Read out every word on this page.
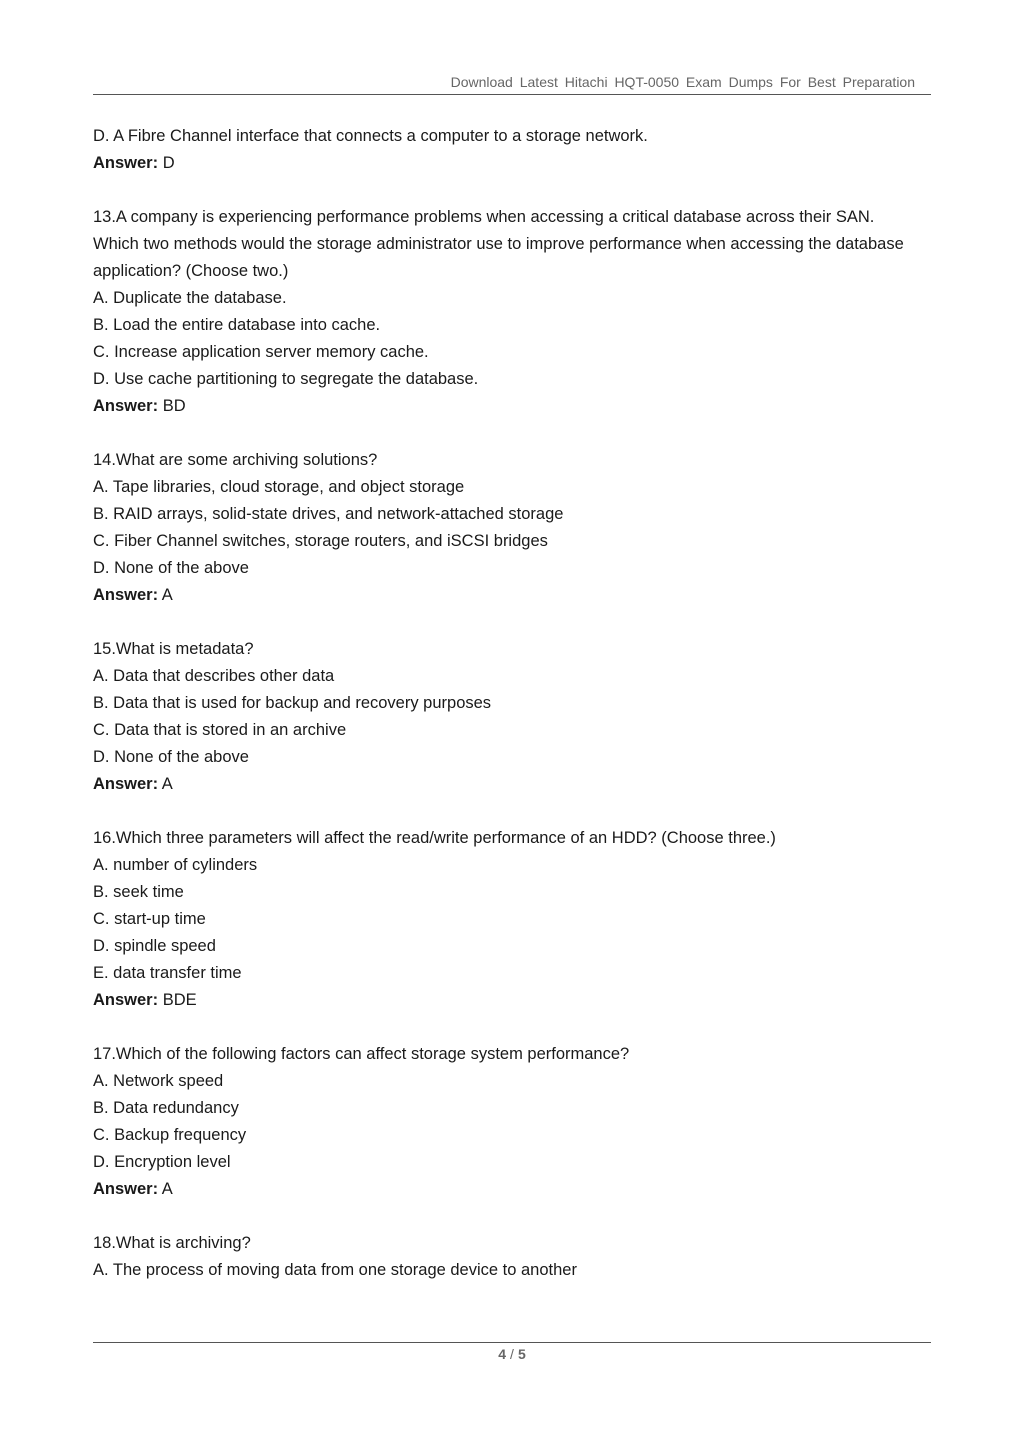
Download Latest Hitachi HQT-0050 Exam Dumps For Best Preparation
D. A Fibre Channel interface that connects a computer to a storage network.
Answer: D
13.A company is experiencing performance problems when accessing a critical database across their SAN.
Which two methods would the storage administrator use to improve performance when accessing the database application? (Choose two.)
A. Duplicate the database.
B. Load the entire database into cache.
C. Increase application server memory cache.
D. Use cache partitioning to segregate the database.
Answer: BD
14.What are some archiving solutions?
A. Tape libraries, cloud storage, and object storage
B. RAID arrays, solid-state drives, and network-attached storage
C. Fiber Channel switches, storage routers, and iSCSI bridges
D. None of the above
Answer: A
15.What is metadata?
A. Data that describes other data
B. Data that is used for backup and recovery purposes
C. Data that is stored in an archive
D. None of the above
Answer: A
16.Which three parameters will affect the read/write performance of an HDD? (Choose three.)
A. number of cylinders
B. seek time
C. start-up time
D. spindle speed
E. data transfer time
Answer: BDE
17.Which of the following factors can affect storage system performance?
A. Network speed
B. Data redundancy
C. Backup frequency
D. Encryption level
Answer: A
18.What is archiving?
A. The process of moving data from one storage device to another
4 / 5
